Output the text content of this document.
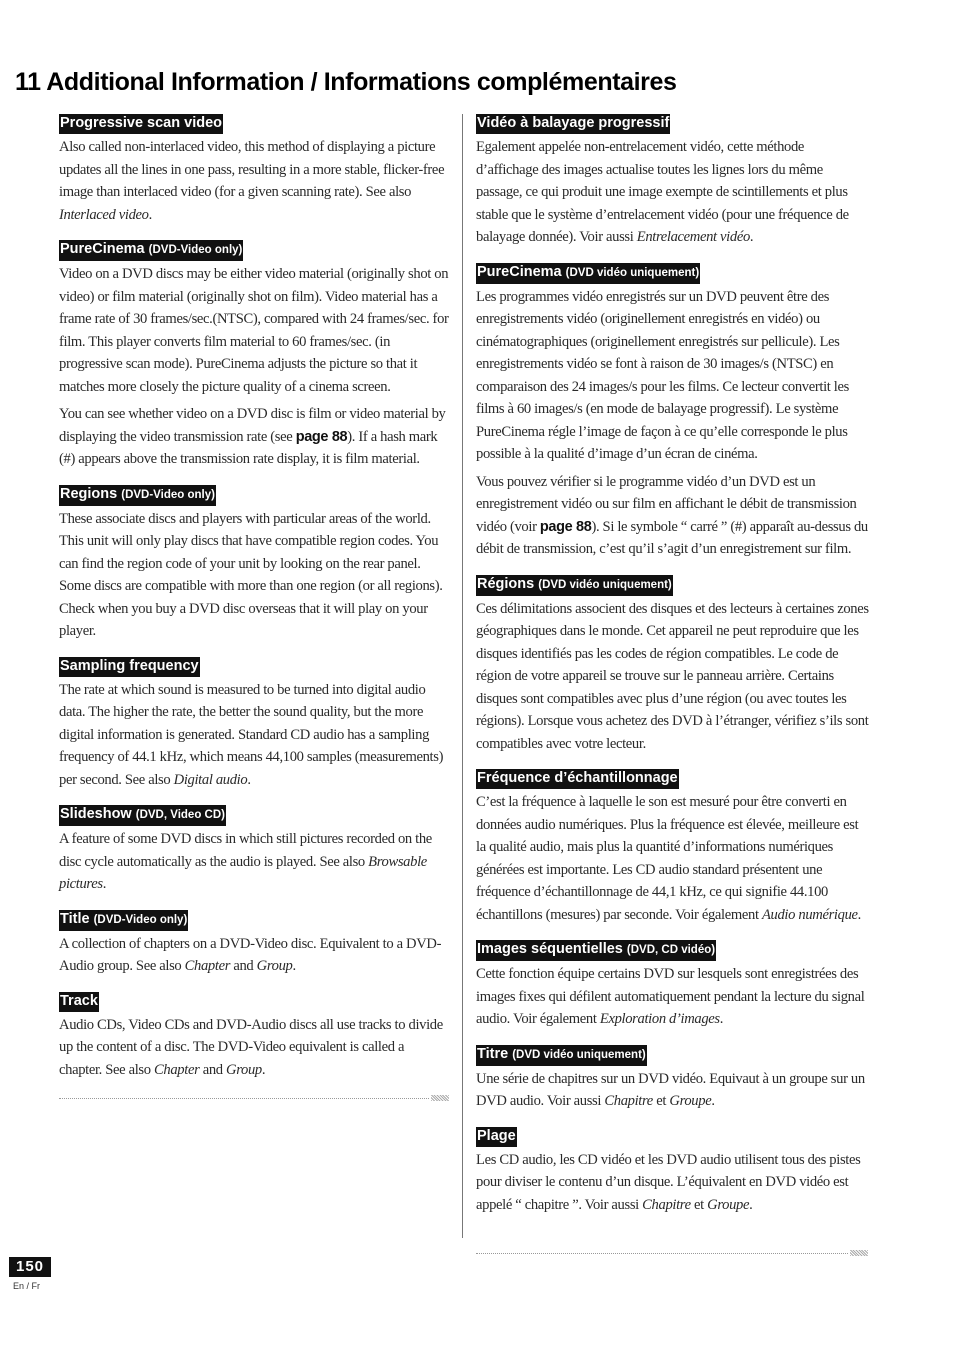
11 Additional Information / Informations complémentaires
Progressive scan video

Also called non-interlaced video, this method of displaying a picture updates all the lines in one pass, resulting in a more stable, flicker-free image than interlaced video (for a given scanning rate). See also Interlaced video.

PureCinema (DVD-Video only)

Video on a DVD discs may be either video material (originally shot on video) or film material (originally shot on film). Video material has a frame rate of 30 frames/sec.(NTSC), compared with 24 frames/sec. for film. This player converts film material to 60 frames/sec. (in progressive scan mode). PureCinema adjusts the picture so that it matches more closely the picture quality of a cinema screen.

You can see whether video on a DVD disc is film or video material by displaying the video transmission rate (see page 88). If a hash mark (#) appears above the transmission rate display, it is film material.

Regions (DVD-Video only)

These associate discs and players with particular areas of the world. This unit will only play discs that have compatible region codes. You can find the region code of your unit by looking on the rear panel. Some discs are compatible with more than one region (or all regions). Check when you buy a DVD disc overseas that it will play on your player.

Sampling frequency

The rate at which sound is measured to be turned into digital audio data. The higher the rate, the better the sound quality, but the more digital information is generated. Standard CD audio has a sampling frequency of 44.1 kHz, which means 44,100 samples (measurements) per second. See also Digital audio.

Slideshow (DVD, Video CD)

A feature of some DVD discs in which still pictures recorded on the disc cycle automatically as the audio is played. See also Browsable pictures.

Title (DVD-Video only)

A collection of chapters on a DVD-Video disc. Equivalent to a DVD-Audio group. See also Chapter and Group.

Track

Audio CDs, Video CDs and DVD-Audio discs all use tracks to divide up the content of a disc. The DVD-Video equivalent is called a chapter. See also Chapter and Group.

Vidéo à balayage progressif

Egalement appelée non-entrelacement vidéo, cette méthode d’affichage des images actualise toutes les lignes lors du même passage, ce qui produit une image exempte de scintillements et plus stable que le système d’entrelacement vidéo (pour une fréquence de balayage donnée). Voir aussi Entrelacement vidéo.

PureCinema (DVD vidéo uniquement)

Les programmes vidéo enregistrés sur un DVD peuvent être des enregistrements vidéo (originellement enregistrés en vidéo) ou cinématographiques (originellement enregistrés sur pellicule). Les enregistrements vidéo se font à raison de 30 images/s (NTSC) en comparaison des 24 images/s pour les films. Ce lecteur convertit les films à 60 images/s (en mode de balayage progressif). Le système PureCinema régle l’image de façon à ce qu’elle corresponde le plus possible à la qualité d’image d’un écran de cinéma.

Vous pouvez vérifier si le programme vidéo d’un DVD est un enregistrement vidéo ou sur film en affichant le débit de transmission vidéo (voir page 88). Si le symbole “ carré ” (#) apparaît au-dessus du débit de transmission, c’est qu’il s’agit d’un enregistrement sur film.

Régions (DVD vidéo uniquement)

Ces délimitations associent des disques et des lecteurs à certaines zones géographiques dans le monde. Cet appareil ne peut reproduire que les disques identifiés pas les codes de région compatibles. Le code de région de votre appareil se trouve sur le panneau arrière. Certains disques sont compatibles avec plus d’une région (ou avec toutes les régions). Lorsque vous achetez des DVD à l’étranger, vérifiez s’ils sont compatibles avec votre lecteur.

Fréquence d’échantillonnage

C’est la fréquence à laquelle le son est mesuré pour être converti en données audio numériques. Plus la fréquence est élevée, meilleure est la qualité audio, mais plus la quantité d’informations numériques générées est importante. Les CD audio standard présentent une fréquence d’échantillonnage de 44,1 kHz, ce qui signifie 44.100 échantillons (mesures) par seconde. Voir également Audio numérique.

Images séquentielles (DVD, CD vidéo)

Cette fonction équipe certains DVD sur lesquels sont enregistrées des images fixes qui défilent automatiquement pendant la lecture du signal audio. Voir également Exploration d’images.

Titre (DVD vidéo uniquement)

Une série de chapitres sur un DVD vidéo. Equivaut à un groupe sur un DVD audio. Voir aussi Chapitre et Groupe.

Plage

Les CD audio, les CD vidéo et les DVD audio utilisent tous des pistes pour diviser le contenu d’un disque. L’équivalent en DVD vidéo est appelé “ chapitre ”. Voir aussi Chapitre et Groupe.

150
En / Fr
